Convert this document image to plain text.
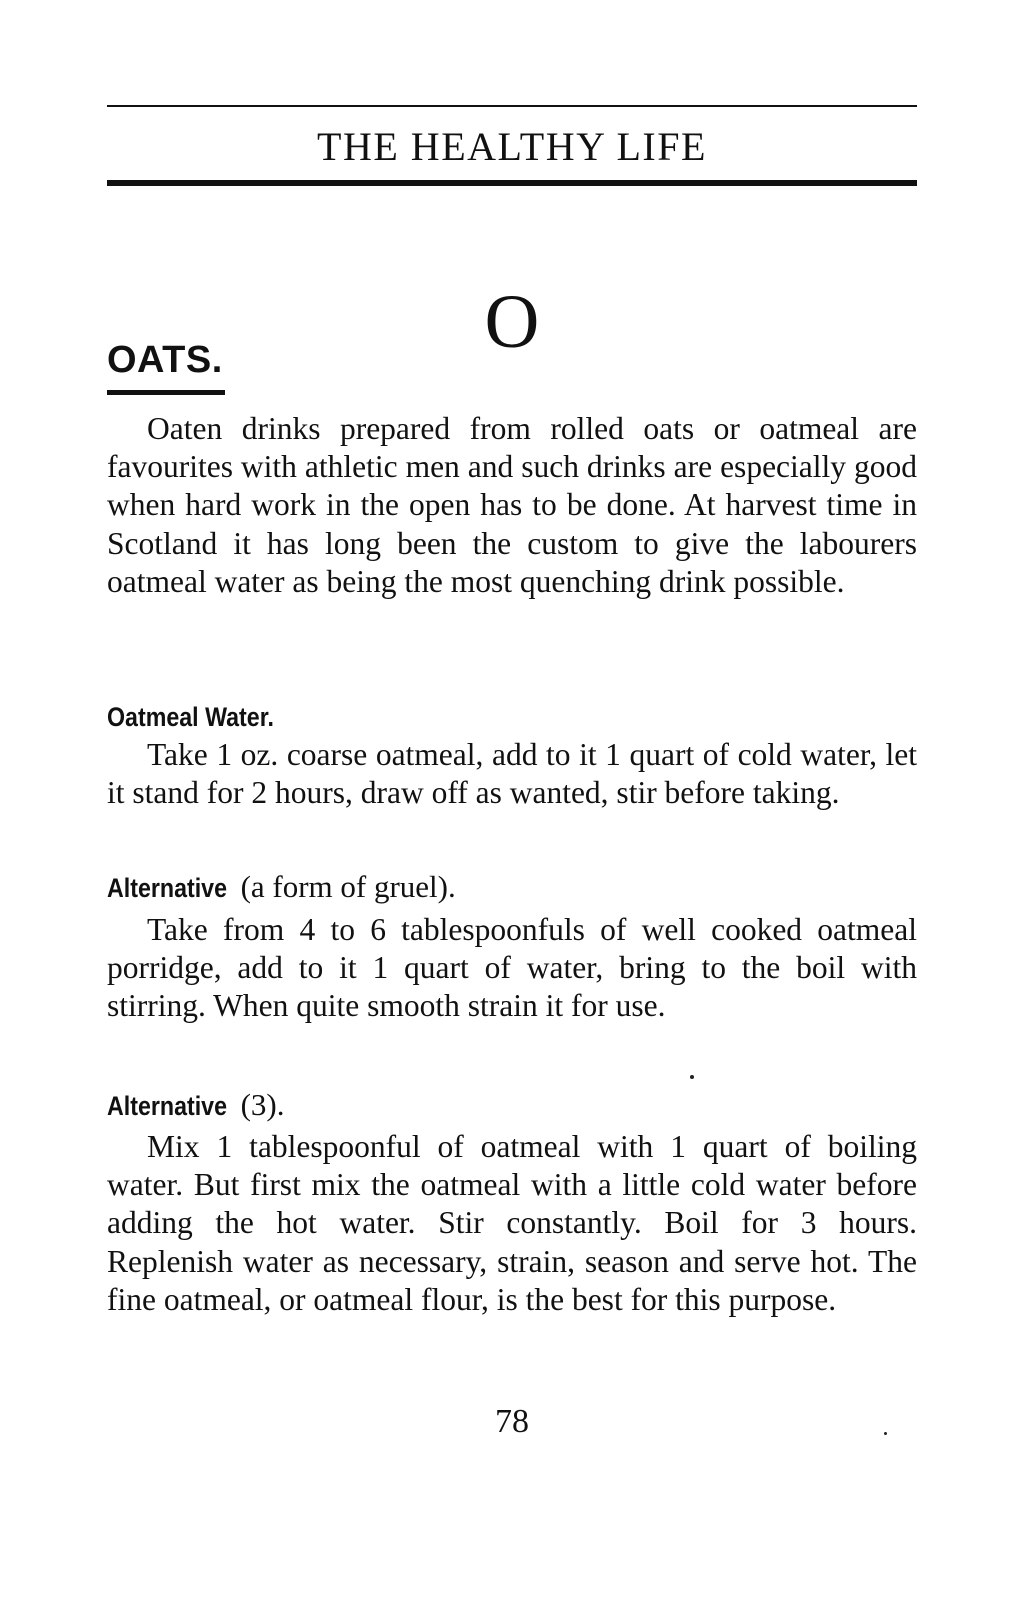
THE HEALTHY LIFE
O
OATS.

Oaten drinks prepared from rolled oats or oatmeal are favourites with athletic men and such drinks are especially good when hard work in the open has to be done. At harvest time in Scotland it has long been the custom to give the labourers oatmeal water as being the most quenching drink possible.

Oatmeal Water.

Take 1 oz. coarse oatmeal, add to it 1 quart of cold water, let it stand for 2 hours, draw off as wanted, stir before taking.

Alternative (a form of gruel).

Take from 4 to 6 tablespoonfuls of well cooked oatmeal porridge, add to it 1 quart of water, bring to the boil with stirring. When quite smooth strain it for use.

Alternative (3).

Mix 1 tablespoonful of oatmeal with 1 quart of boiling water. But first mix the oatmeal with a little cold water before adding the hot water. Stir constantly. Boil for 3 hours. Replenish water as necessary, strain, season and serve hot. The fine oatmeal, or oatmeal flour, is the best for this purpose.

78
